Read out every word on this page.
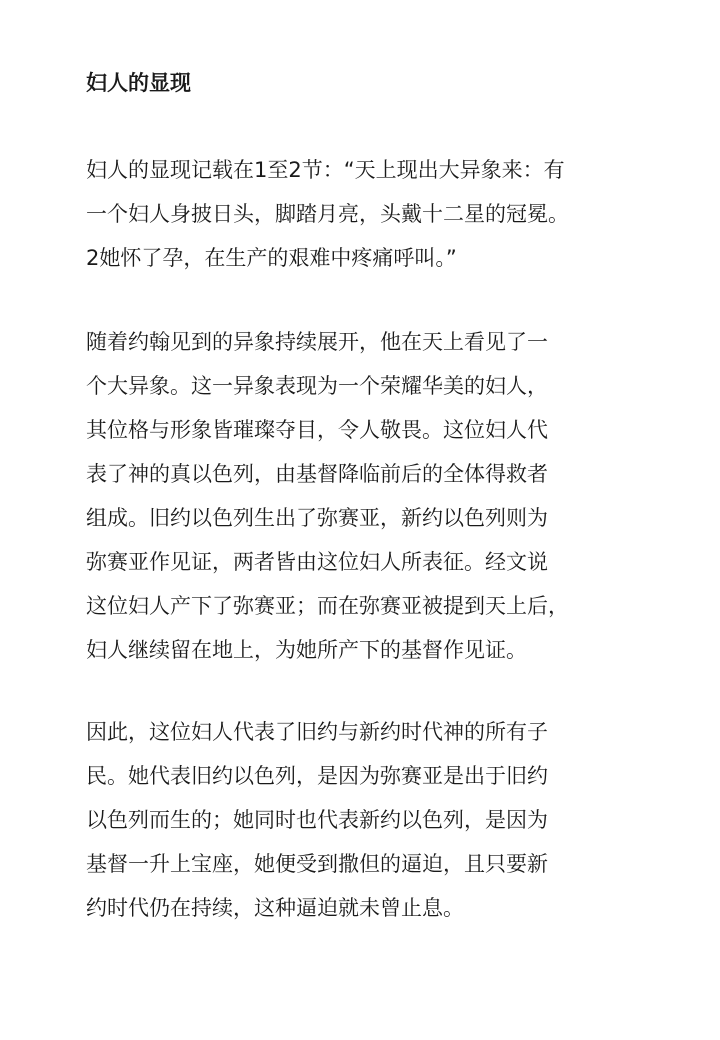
妇人的显现
妇人的显现记载在1至2节：“天上现出大异象来：有
一个妇人身披日头，脚踏月亮，头戴十二星的冠冕。
2她怀了孕，在生产的艰难中疼痛呼叫。”
随着约翰见到的异象持续展开，他在天上看见了一
个大异象。这一异象表现为一个荣耀华美的妇人，
其位格与形象皆璀璨夺目，令人敬畏。这位妇人代
表了神的真以色列，由基督降临前后的全体得救者
组成。旧约以色列生出了弥赛亚，新约以色列则为
弥赛亚作见证，两者皆由这位妇人所表征。经文说
这位妇人产下了弥赛亚；而在弥赛亚被提到天上后，
妇人继续留在地上，为她所产下的基督作见证。
因此，这位妇人代表了旧约与新约时代神的所有子
民。她代表旧约以色列，是因为弥赛亚是出于旧约
以色列而生的；她同时也代表新约以色列，是因为
基督一升上宝座，她便受到撒但的逼迫，且只要新
约时代仍在持续，这种逼迫就未曾止息。
